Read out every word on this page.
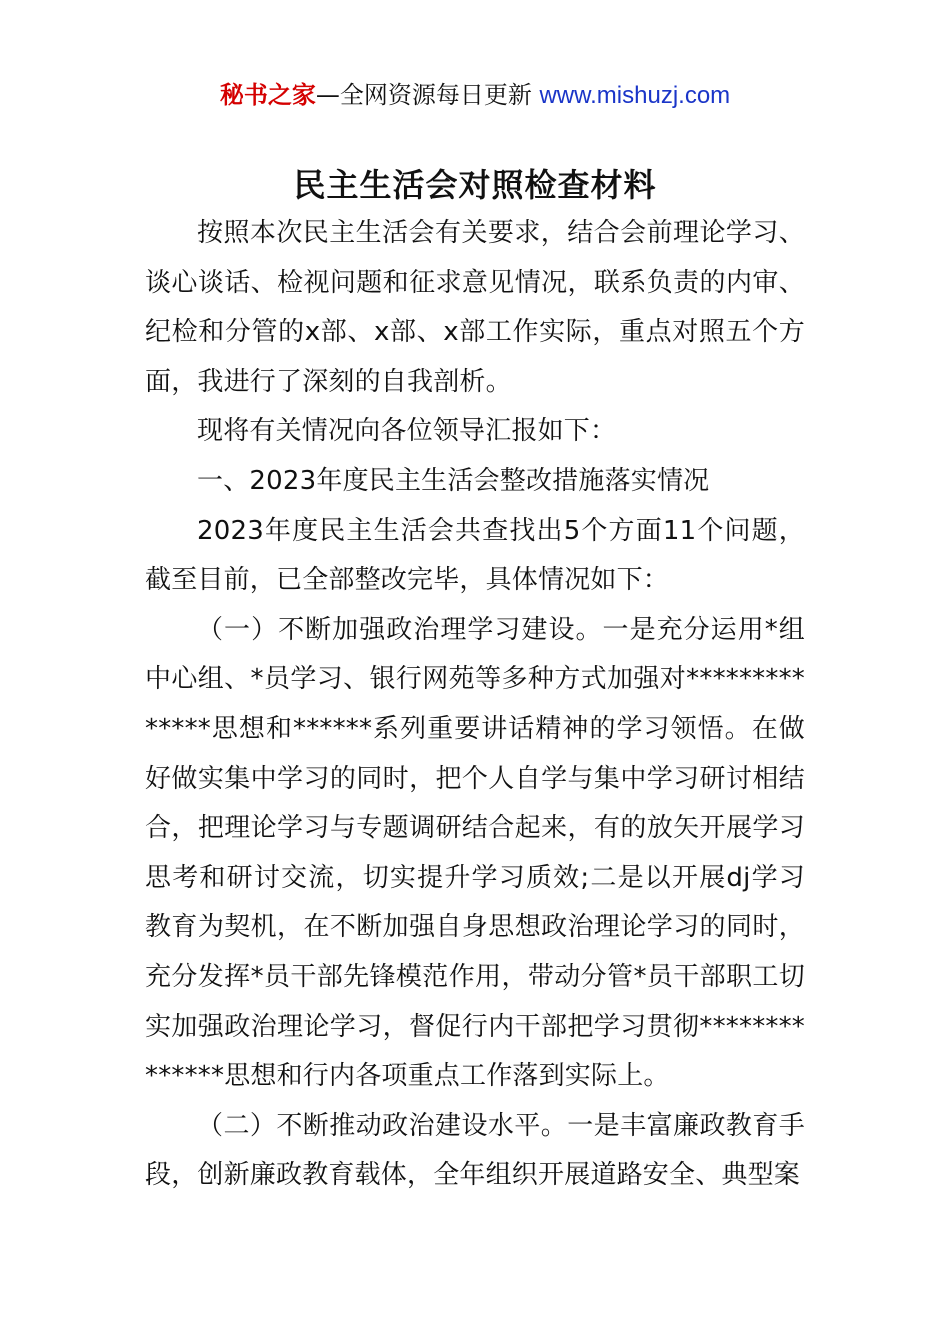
秘书之家—全网资源每日更新 www.mishuzj.com
民主生活会对照检查材料

按照本次民主生活会有关要求，结合会前理论学习、谈心谈话、检视问题和征求意见情况，联系负责的内审、纪检和分管的x部、x部、x部工作实际，重点对照五个方面，我进行了深刻的自我剖析。

现将有关情况向各位领导汇报如下：

一、2023年度民主生活会整改措施落实情况

2023年度民主生活会共查找出5个方面11个问题，截至目前，已全部整改完毕，具体情况如下：

（一）不断加强政治理学习建设。一是充分运用*组中心组、*员学习、银行网苑等多种方式加强对**************思想和******系列重要讲话精神的学习领悟。在做好做实集中学习的同时，把个人自学与集中学习研讨相结合，把理论学习与专题调研结合起来，有的放矢开展学习思考和研讨交流，切实提升学习质效;二是以开展dj学习教育为契机，在不断加强自身思想政治理论学习的同时，充分发挥*员干部先锋模范作用，带动分管*员干部职工切实加强政治理论学习，督促行内干部把学习贯彻**************思想和行内各项重点工作落到实际上。

（二）不断推动政治建设水平。一是丰富廉政教育手段，创新廉政教育载体，全年组织开展道路安全、典型案
